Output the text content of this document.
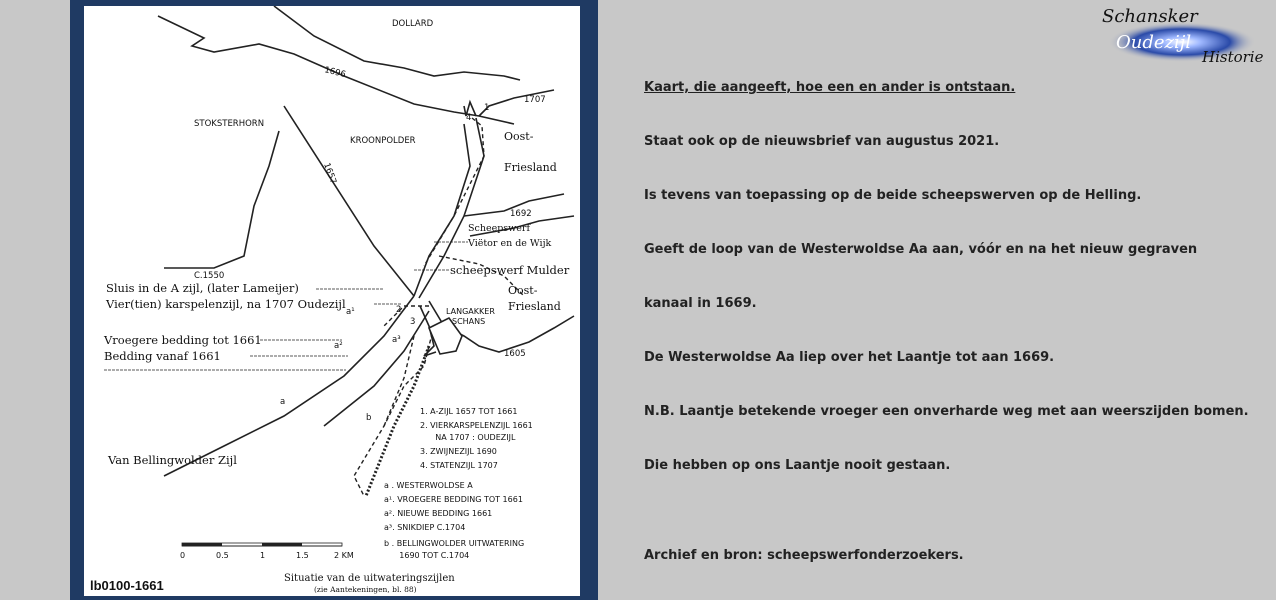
DOLLARD
STOKSTERHORN
KROONPOLDER	Oost-
Friesland
Oost-
Friesland
LANGAKKER
SCHANS
1696
1707
1657
1692
C.1550
1605
Scheepswerf
Viëtor en de Wijk
scheepswerf Mulder
Sluis in de A zijl, (later Lameijer)
Vier(tien) karspelenzijl, na 1707 Oudezijl
Vroegere bedding tot 1661
Bedding vanaf 1661
Van Bellingwolder Zijl
4
1
2
3
a
a¹
a²
a³
b
1. A-ZIJL 1657 TOT 1661
2. VIERKARSPELENZIJL 1661
NA 1707 : OUDEZIJL
3. ZWIJNEZIJL 1690
4. STATENZIJL 1707
a . WESTERWOLDSE A
a¹. VROEGERE BEDDING TOT 1661
a². NIEUWE BEDDING 1661
a³. SNIKDIEP C.1704
b . BELLINGWOLDER UITWATERING
1690 TOT C.1704
0	0.5	1	1.5	2 KM
Situatie van de uitwateringszijlen
(zie Aantekeningen, bl. 88)
lb0100-1661
Schansker
Oudezijl
Historie

Kaart, die aangeeft, hoe een en ander is ontstaan.

Staat ook op de nieuwsbrief van augustus 2021.

Is tevens van toepassing op de beide scheepswerven op de Helling.

Geeft de loop van de Westerwoldse Aa aan, vóór en na het nieuw gegraven

kanaal in 1669.

De Westerwoldse Aa liep over het Laantje tot aan 1669.

N.B. Laantje betekende vroeger een onverharde weg met aan weerszijden bomen.

Die hebben op ons Laantje nooit gestaan.

Archief en bron: scheepswerfonderzoekers.
